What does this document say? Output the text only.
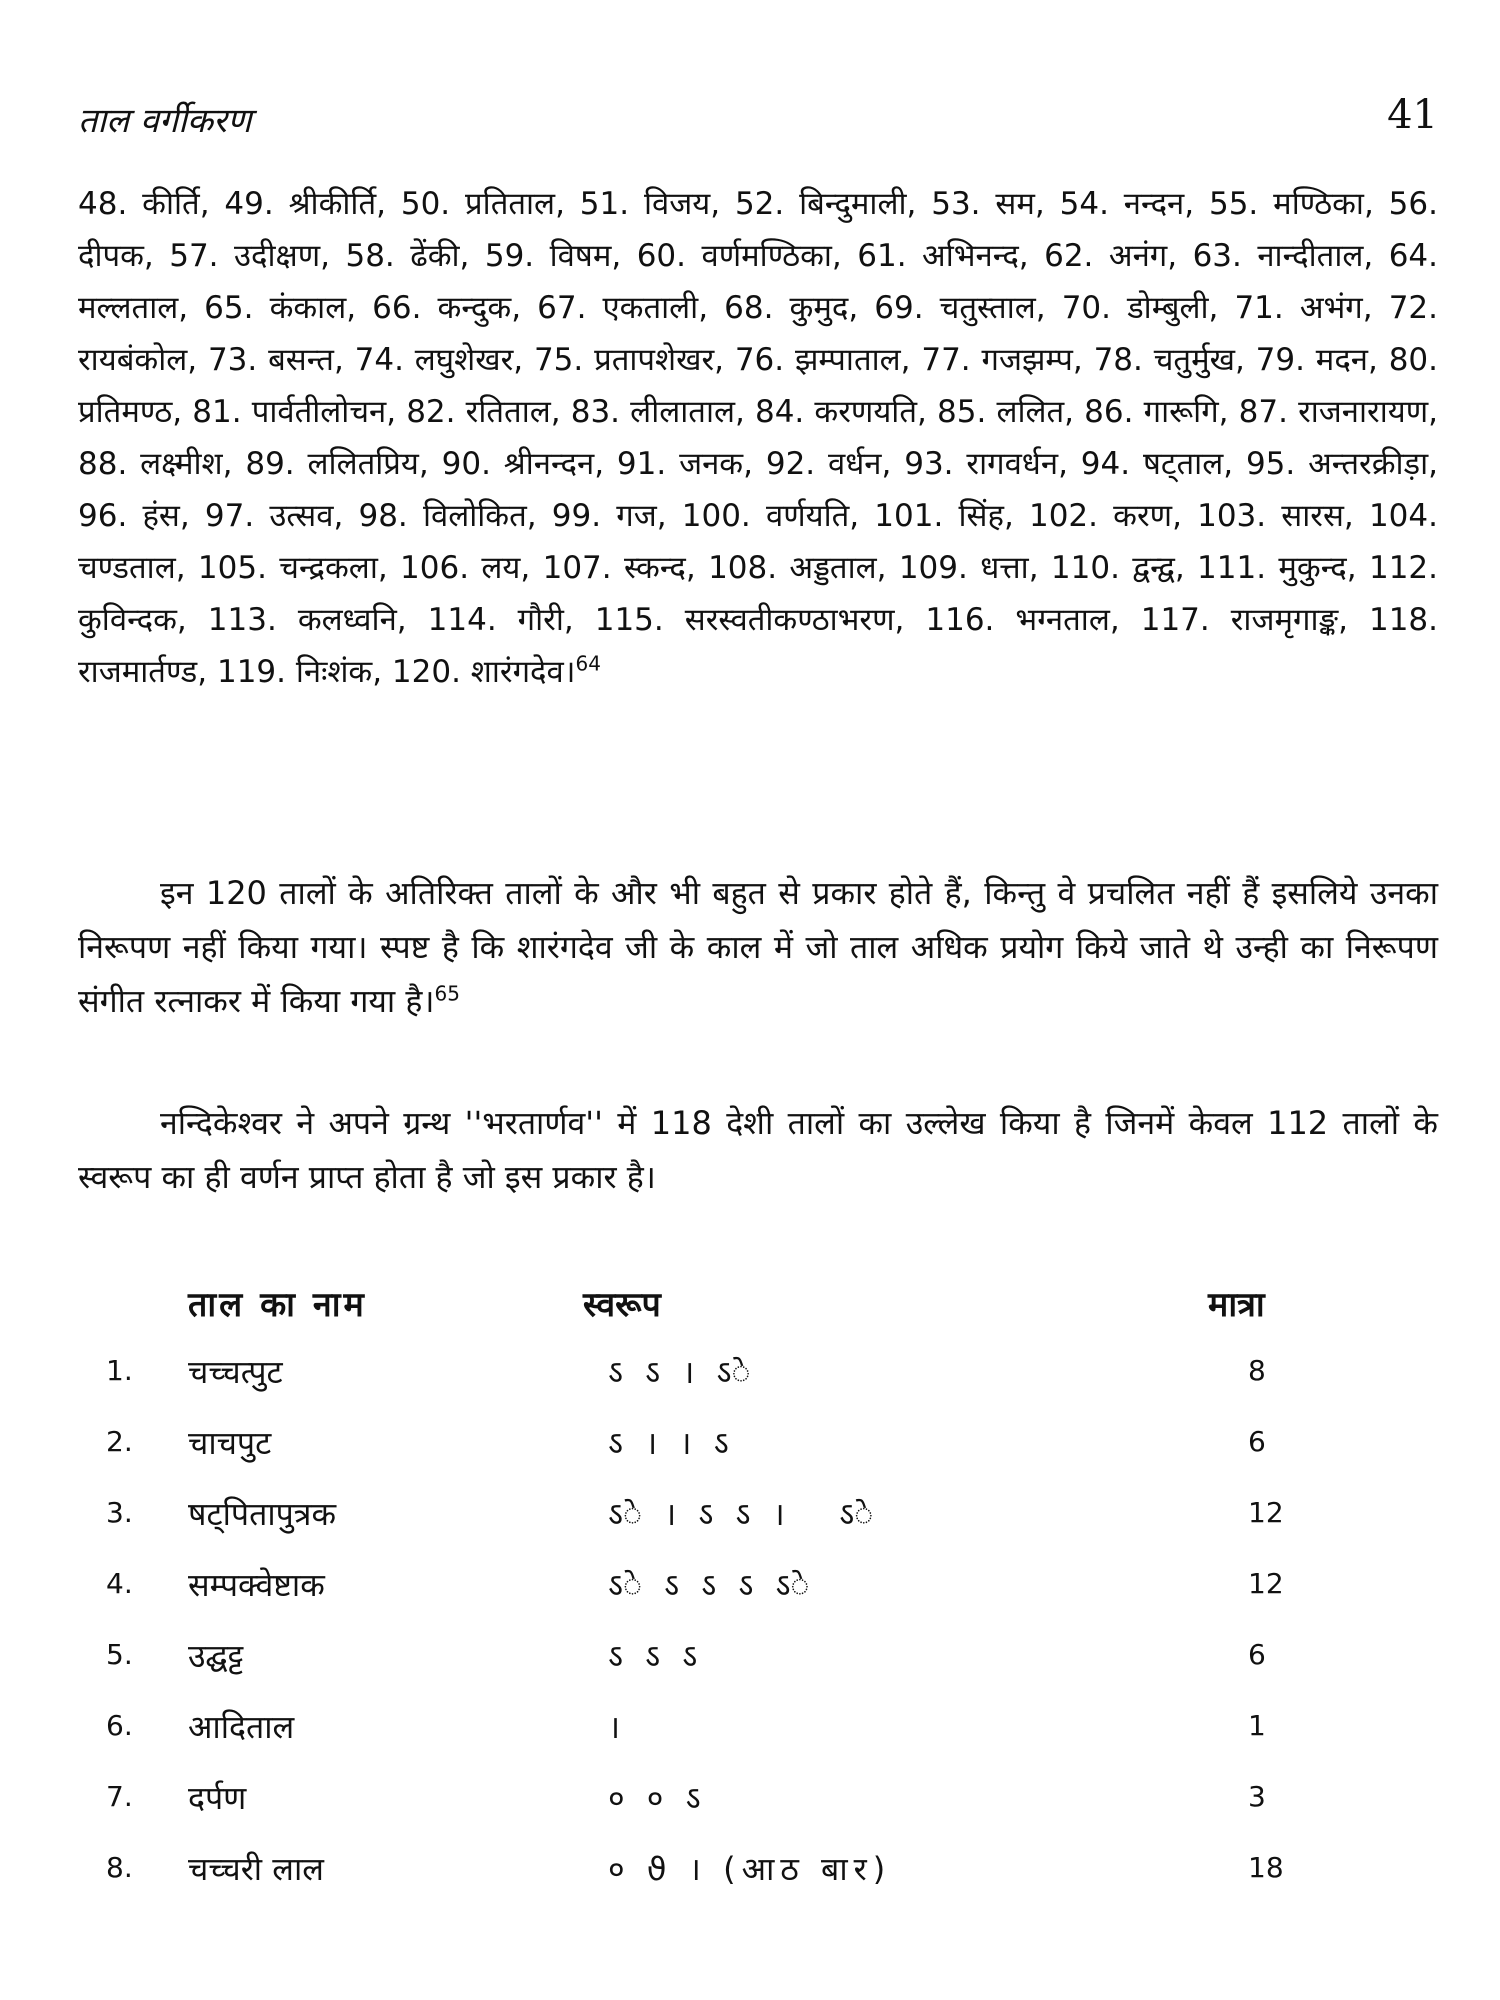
ताल वर्गीकरण	41
48. कीर्ति, 49. श्रीकीर्ति, 50. प्रतिताल, 51. विजय, 52. बिन्दुमाली, 53. सम, 54. नन्दन, 55. मण्ठिका, 56. दीपक, 57. उदीक्षण, 58. ढेंकी, 59. विषम, 60. वर्णमण्ठिका, 61. अभिनन्द, 62. अनंग, 63. नान्दीताल, 64. मल्लताल, 65. कंकाल, 66. कन्दुक, 67. एकताली, 68. कुमुद, 69. चतुस्ताल, 70. डोम्बुली, 71. अभंग, 72. रायबंकोल, 73. बसन्त, 74. लघुशेखर, 75. प्रतापशेखर, 76. झम्पाताल, 77. गजझम्प, 78. चतुर्मुख, 79. मदन, 80. प्रतिमण्ठ, 81. पार्वतीलोचन, 82. रतिताल, 83. लीलाताल, 84. करणयति, 85. ललित, 86. गारूगि, 87. राजनारायण, 88. लक्ष्मीश, 89. ललितप्रिय, 90. श्रीनन्दन, 91. जनक, 92. वर्धन, 93. रागवर्धन, 94. षट्ताल, 95. अन्तरक्रीड़ा, 96. हंस, 97. उत्सव, 98. विलोकित, 99. गज, 100. वर्णयति, 101. सिंह, 102. करण, 103. सारस, 104. चण्डताल, 105. चन्द्रकला, 106. लय, 107. स्कन्द, 108. अड्डताल, 109. धत्ता, 110. द्वन्द्व, 111. मुकुन्द, 112. कुविन्दक, 113. कलध्वनि, 114. गौरी, 115. सरस्वतीकण्ठाभरण, 116. भग्नताल, 117. राजमृगाङ्क, 118. राजमार्तण्ड, 119. निःशंक, 120. शारंगदेव।$^{64}$
इन 120 तालों के अतिरिक्त तालों के और भी बहुत से प्रकार होते हैं, किन्तु वे प्रचलित नहीं हैं इसलिये उनका निरूपण नहीं किया गया। स्पष्ट है कि शारंगदेव जी के काल में जो ताल अधिक प्रयोग किये जाते थे उन्ही का निरूपण संगीत रत्नाकर में किया गया है।$^{65}$
नन्दिकेश्वर ने अपने ग्रन्थ ''भरतार्णव'' में 118 देशी तालों का उल्लेख किया है जिनमें केवल 112 तालों के स्वरूप का ही वर्णन प्राप्त होता है जो इस प्रकार है।
ताल का नाम	स्वरूप	मात्रा
1. चच्चत्पुट	ऽ ऽ । ऽे	8
2. चाचपुट	ऽ । । ऽ	6
3. षट्पितापुत्रक	ऽे । ऽ ऽ ।   ऽे	12
4. सम्पक्वेष्टाक	ऽे ऽ ऽ ऽ ऽे	12
5. उद्घट्ट	ऽ ऽ ऽ	6
6. आदिताल	।	1
7. दर्पण	० ० ऽ	3
8. चच्चरी लाल	० ϑ । (आठ बार)	18
